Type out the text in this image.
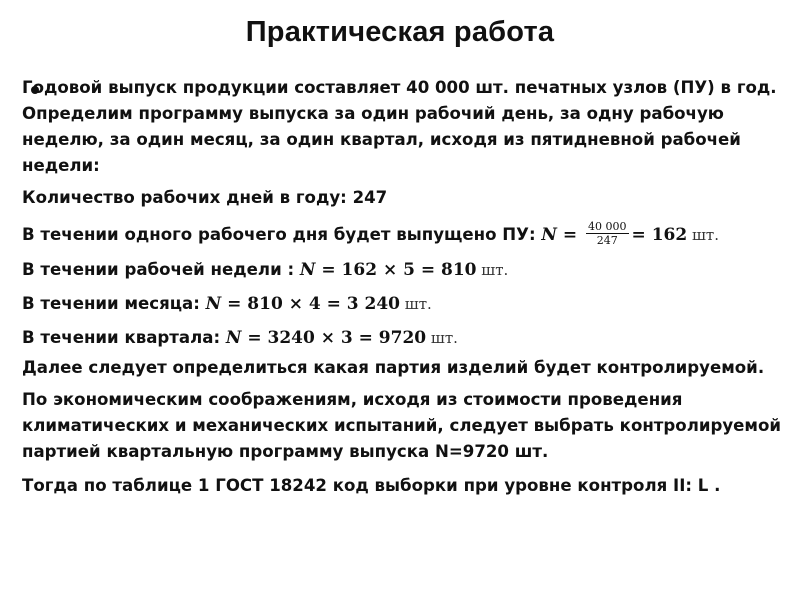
Практическая работа

Годовой выпуск продукции составляет 40 000 шт. печатных узлов (ПУ) в год.

Определим программу выпуска за один рабочий день, за одну рабочую неделю, за один месяц, за один квартал, исходя из пятидневной рабочей недели:

Количество рабочих дней в году: 247

В течении одного рабочего дня будет выпущено ПУ: $N = \frac{40 000}{247} = 162$ шт.

В течении рабочей недели : N = 162 × 5 = 810 шт.

В течении месяца: N = 810 × 4 = 3 240 шт.

В течении квартала: N = 3240 × 3 = 9720 шт.

Далее следует определиться какая партия изделий будет контролируемой.

По экономическим соображениям, исходя из стоимости проведения климатических и механических испытаний, следует выбрать контролируемой партией квартальную программу выпуска N=9720 шт.

Тогда по таблице 1 ГОСТ 18242 код выборки при уровне контроля II: L .
